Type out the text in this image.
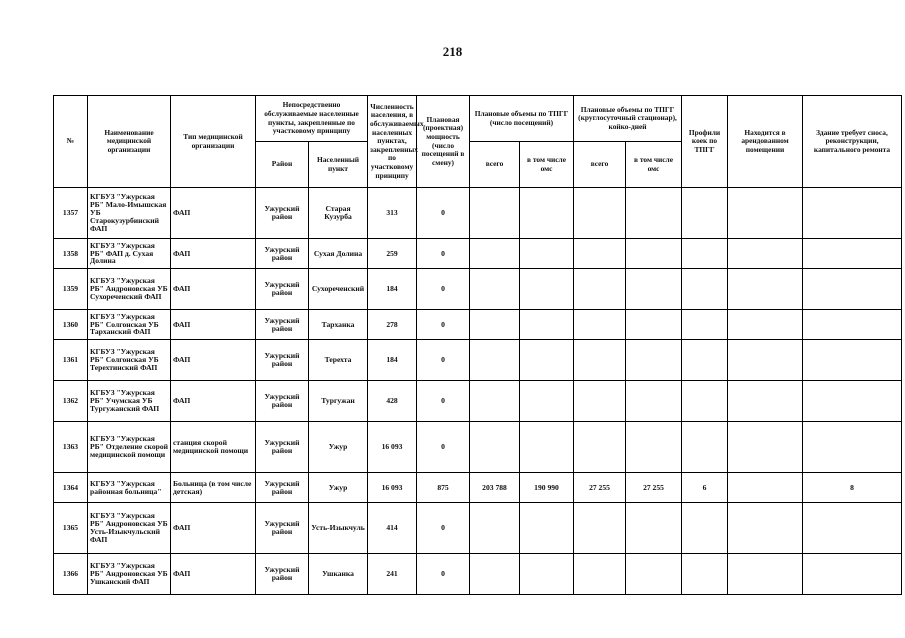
218
№	Наименование медицинской организации	Тип медицинской организации	Непосредственно обслуживаемые населенные пункты, закрепленные по участковому принципу		Численность населения, в обслуживаемых населенных пунктах, закрепленных по участковому принципу	Плановая (проектная) мощность (число посещений в смену)	Плановые объемы по ТПГГ (число посещений)		Плановые объемы по ТПГГ (круглосуточный стационар), койко-дней		Профили коек по ТПГГ	Находится в арендованном помещении	Здание требует сноса, реконструкции, капитального ремонта
			Район	Населенный пункт			всего	в том числе омс	всего	в том числе омс			
1357	КГБУЗ "Ужурская РБ" Мало-Имышская УБ Старокузурбинский ФАП	ФАП	Ужурский район	Старая Кузурба	313	0							
1358	КГБУЗ "Ужурская РБ" ФАП д. Сухая Долина	ФАП	Ужурский район	Сухая Долина	259	0							
1359	КГБУЗ "Ужурская РБ" Андроновская УБ Сухореченский ФАП	ФАП	Ужурский район	Сухореченский	184	0							
1360	КГБУЗ "Ужурская РБ" Солгонская УБ Тарханский ФАП	ФАП	Ужурский район	Тарханка	278	0							
1361	КГБУЗ "Ужурская РБ" Солгонская УБ Терехтинский ФАП	ФАП	Ужурский район	Терехта	184	0							
1362	КГБУЗ "Ужурская РБ" Учумская УБ Тургужанский ФАП	ФАП	Ужурский район	Тургужан	428	0							
1363	КГБУЗ "Ужурская РБ" Отделение скорой медицинской помощи	станция скорой медицинской помощи	Ужурский район	Ужур	16 093	0							
1364	КГБУЗ "Ужурская районная больница"	Больница (в том числе детская)	Ужурский район	Ужур	16 093	875	203 788	190 990	27 255	27 255	6		8
1365	КГБУЗ "Ужурская РБ" Андроновская УБ Усть-Изыкчульский ФАП	ФАП	Ужурский район	Усть-Изыкчуль	414	0							
1366	КГБУЗ "Ужурская РБ" Андроновская УБ Ушканский ФАП	ФАП	Ужурский район	Ушканка	241	0							
